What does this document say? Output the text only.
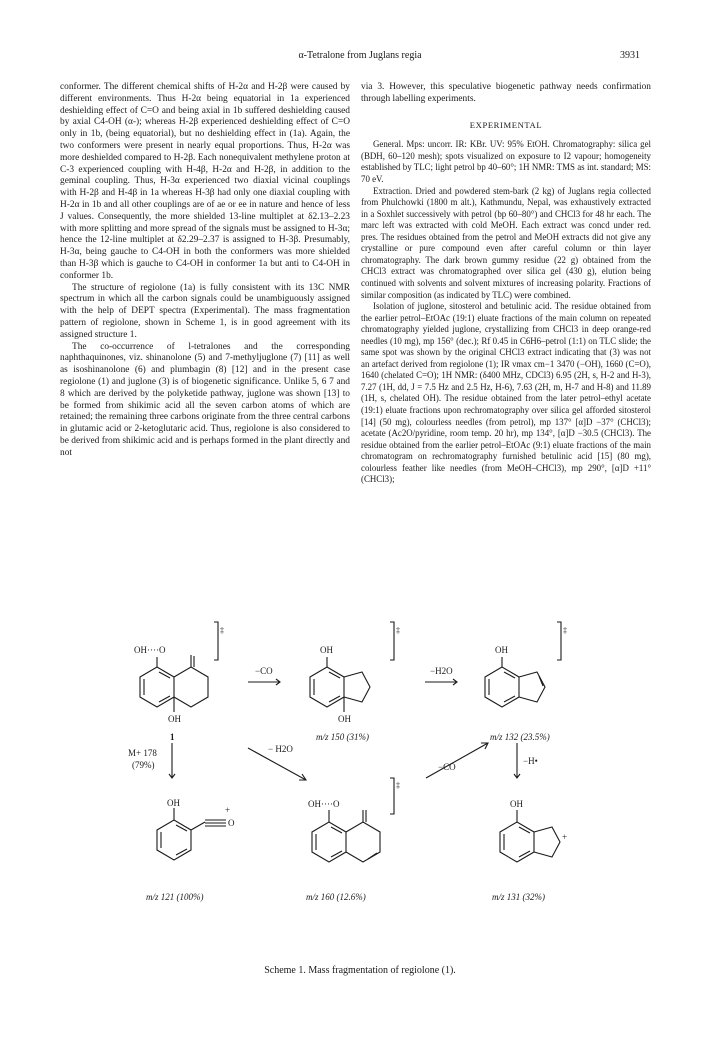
α-Tetralone from Juglans regia	3931

conformer. The different chemical shifts of H-2α and H-2β were caused by different environments. Thus H-2α being equatorial in 1a experienced deshielding effect of C=O and being axial in 1b suffered deshielding caused by axial C4-OH (α-); whereas H-2β experienced deshielding effect of C=O only in 1b, (being equatorial), but no deshielding effect in (1a). Again, the two conformers were present in nearly equal proportions. Thus, H-2α was more deshielded compared to H-2β. Each nonequivalent methylene proton at C-3 experienced coupling with H-4β, H-2α and H-2β, in addition to the geminal coupling. Thus, H-3α experienced two diaxial vicinal couplings with H-2β and H-4β in 1a whereas H-3β had only one diaxial coupling with H-2α in 1b and all other couplings are of ae or ee in nature and hence of less J values. Consequently, the more shielded 13-line multiplet at δ2.13–2.23 with more splitting and more spread of the signals must be assigned to H-3α; hence the 12-line multiplet at δ2.29–2.37 is assigned to H-3β. Presumably, H-3α, being gauche to C4-OH in both the conformers was more shielded than H-3β which is gauche to C4-OH in conformer 1a but anti to C4-OH in conformer 1b.

The structure of regiolone (1a) is fully consistent with its 13C NMR spectrum in which all the carbon signals could be unambiguously assigned with the help of DEPT spectra (Experimental). The mass fragmentation pattern of regiolone, shown in Scheme 1, is in good agreement with its assigned structure 1.

The co-occurrence of l-tetralones and the corresponding naphthaquinones, viz. shinanolone (5) and 7-methyljuglone (7) [11] as well as isoshinanolone (6) and plumbagin (8) [12] and in the present case regiolone (1) and juglone (3) is of biogenetic significance. Unlike 5, 6 7 and 8 which are derived by the polyketide pathway, juglone was shown [13] to be formed from shikimic acid all the seven carbon atoms of which are retained; the remaining three carbons originate from the three central carbons in glutamic acid or 2-ketoglutaric acid. Thus, regiolone is also considered to be derived from shikimic acid and is perhaps formed in the plant directly and not

via 3. However, this speculative biogenetic pathway needs confirmation through labelling experiments.

EXPERIMENTAL

General. Mps: uncorr. IR: KBr. UV: 95% EtOH. Chromatography: silica gel (BDH, 60–120 mesh); spots visualized on exposure to I2 vapour; homogeneity established by TLC; light petrol bp 40–60°; 1H NMR: TMS as int. standard; MS: 70 eV.

Extraction. Dried and powdered stem-bark (2 kg) of Juglans regia collected from Phulchowki (1800 m alt.), Kathmundu, Nepal, was exhaustively extracted in a Soxhlet successively with petrol (bp 60–80°) and CHCl3 for 48 hr each. The marc left was extracted with cold MeOH. Each extract was concd under red. pres. The residues obtained from the petrol and MeOH extracts did not give any crystalline or pure compound even after careful column or thin layer chromatography. The dark brown gummy residue (22 g) obtained from the CHCl3 extract was chromatographed over silica gel (430 g), elution being continued with solvents and solvent mixtures of increasing polarity. Fractions of similar composition (as indicated by TLC) were combined.

Isolation of juglone, sitosterol and betulinic acid. The residue obtained from the earlier petrol–EtOAc (19:1) eluate fractions of the main column on repeated chromatography yielded juglone, crystallizing from CHCl3 in deep orange-red needles (10 mg), mp 156° (dec.); Rf 0.45 in C6H6–petrol (1:1) on TLC slide; the same spot was shown by the original CHCl3 extract indicating that (3) was not an artefact derived from regiolone (1); IR νmax cm−1 3470 (−OH), 1660 (C=O), 1640 (chelated C=O); 1H NMR: (δ400 MHz, CDCl3) 6.95 (2H, s, H-2 and H-3), 7.27 (1H, dd, J = 7.5 Hz and 2.5 Hz, H-6), 7.63 (2H, m, H-7 and H-8) and 11.89 (1H, s, chelated OH). The residue obtained from the later petrol–ethyl acetate (19:1) eluate fractions upon rechromatography over silica gel afforded sitosterol [14] (50 mg), colourless needles (from petrol), mp 137° [α]D −37° (CHCl3); acetate (Ac2O/pyridine, room temp. 20 hr), mp 134°, [α]D −30.5 (CHCl3). The residue obtained from the earlier petrol–EtOAc (9:1) eluate fractions of the main chromatogram on rechromatography furnished betulinic acid [15] (80 mg), colourless feather like needles (from MeOH–CHCl3), mp 290°, [α]D +11° (CHCl3);

OH····O
OH
‡
1
−CO
OH
OH
‡
m/z 150 (31%)
−H2O
OH
‡
m/z 132 (23.5%)
M+ 178
(79%)
− H2O
−CO
−H•
OH
+
O
m/z 121 (100%)
OH····O
‡
m/z 160 (12.6%)
OH
+
m/z 131 (32%)
Scheme 1. Mass fragmentation of regiolone (1).
